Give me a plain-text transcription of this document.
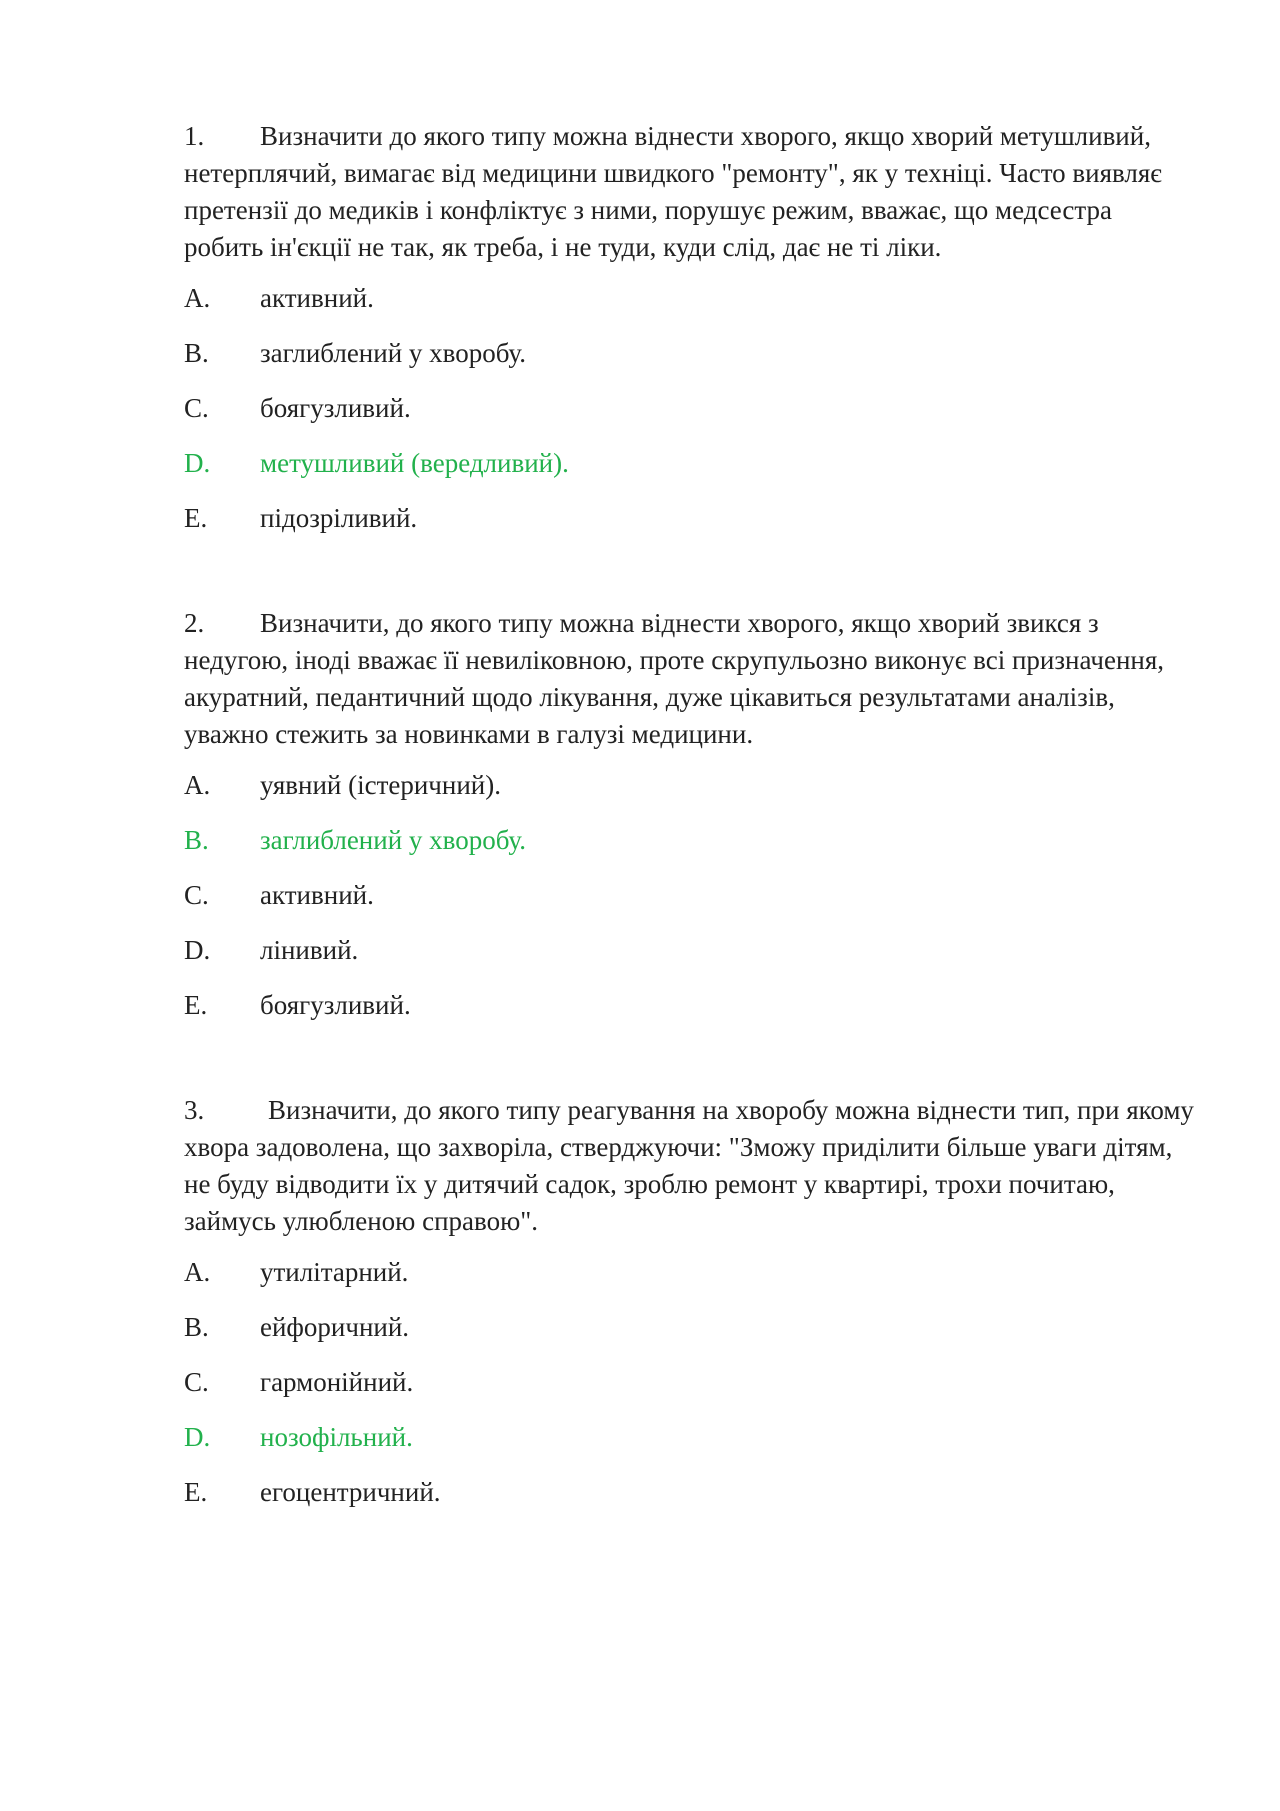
1. Визначити до якого типу можна віднести хворого, якщо хворий метушливий, нетерплячий, вимагає від медицини швидкого "ремонту", як у техніці. Часто виявляє претензії до медиків і конфліктує з ними, порушує режим, вважає, що медсестра робить ін'єкції не так, як треба, і не туди, куди слід, дає не ті ліки.

A. активний.
B. заглиблений у хворобу.
C. боягузливий.
D. метушливий (вередливий).
E. підозріливий.

2. Визначити, до якого типу можна віднести хворого, якщо хворий звикся з недугою, іноді вважає її невиліковною, проте скрупульозно виконує всі призначення, акуратний, педантичний щодо лікування, дуже цікавиться результатами аналізів, уважно стежить за новинками в галузі медицини.

A. уявний (істеричний).
B. заглиблений у хворобу.
C. активний.
D. лінивий.
E. боягузливий.

3. Визначити, до якого типу реагування на хворобу можна віднести тип, при якому хвора задоволена, що захворіла, стверджуючи: "Зможу приділити більше уваги дітям, не буду відводити їх у дитячий садок, зроблю ремонт у квартирі, трохи почитаю, займусь улюбленою справою".

A. утилітарний.
B. ейфоричний.
C. гармонійний.
D. нозофільний.
E. егоцентричний.
